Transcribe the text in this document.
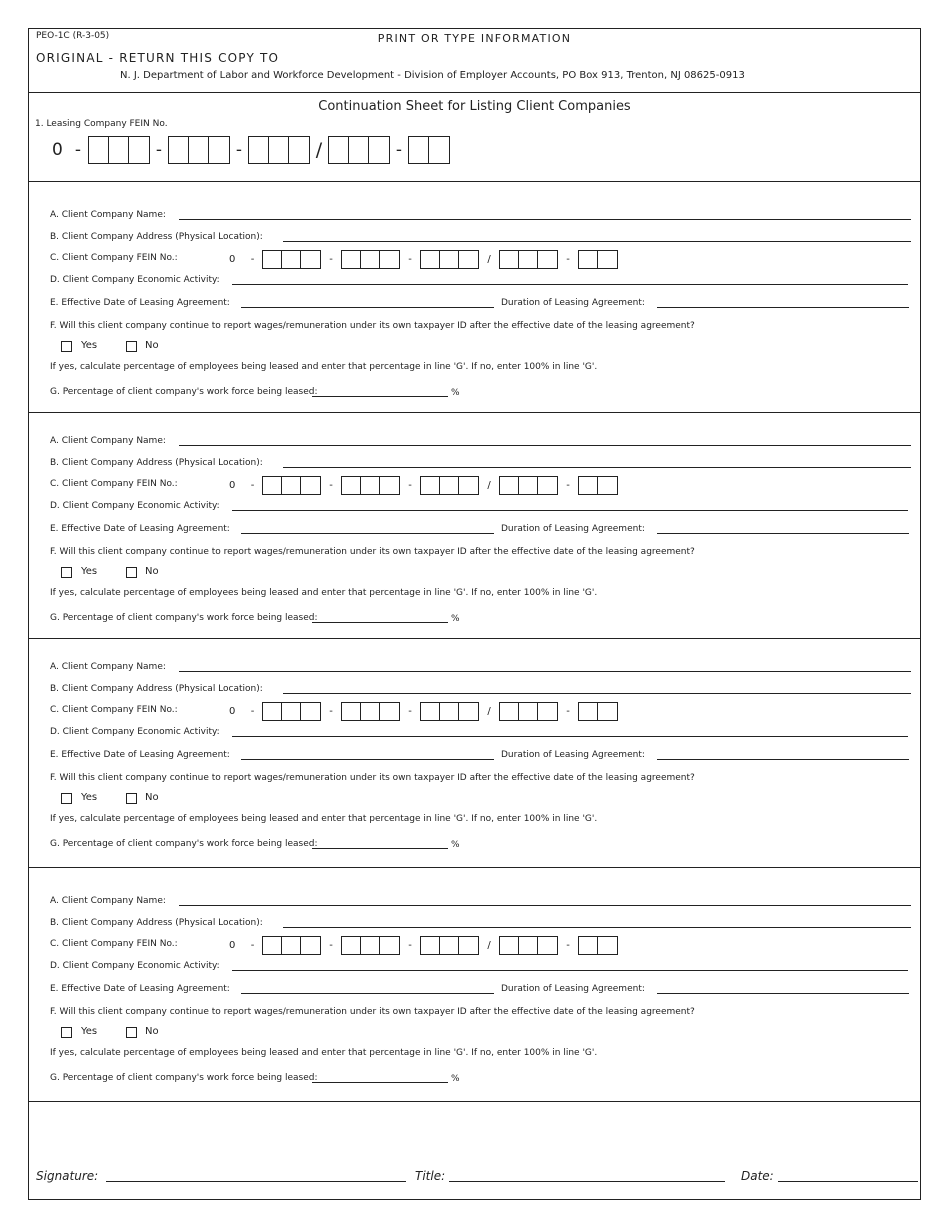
PEO-1C (R-3-05)	PRINT OR TYPE INFORMATION
ORIGINAL - RETURN THIS COPY TO
N. J. Department of Labor and Workforce Development - Division of Employer Accounts, PO Box 913, Trenton, NJ 08625-0913
Continuation Sheet for Listing Client Companies
1. Leasing Company FEIN No.
0 -	-	-	/	-
A. Client Company Name:
B. Client Company Address (Physical Location):
C. Client Company FEIN No.:	0	-	-	-	/	-
D. Client Company Economic Activity:
E. Effective Date of Leasing Agreement:	Duration of Leasing Agreement:
F. Will this client company continue to report wages/remuneration under its own taxpayer ID after the effective date of the leasing agreement?
Yes	No
If yes, calculate percentage of employees being leased and enter that percentage in line 'G'. If no, enter 100% in line 'G'.
G. Percentage of client company's work force being leased:	%
A. Client Company Name:
B. Client Company Address (Physical Location):
C. Client Company FEIN No.:	0	-	-	-	/	-
D. Client Company Economic Activity:
E. Effective Date of Leasing Agreement:	Duration of Leasing Agreement:
F. Will this client company continue to report wages/remuneration under its own taxpayer ID after the effective date of the leasing agreement?
Yes	No
If yes, calculate percentage of employees being leased and enter that percentage in line 'G'. If no, enter 100% in line 'G'.
G. Percentage of client company's work force being leased:	%
A. Client Company Name:
B. Client Company Address (Physical Location):
C. Client Company FEIN No.:	0	-	-	-	/	-
D. Client Company Economic Activity:
E. Effective Date of Leasing Agreement:	Duration of Leasing Agreement:
F. Will this client company continue to report wages/remuneration under its own taxpayer ID after the effective date of the leasing agreement?
Yes	No
If yes, calculate percentage of employees being leased and enter that percentage in line 'G'. If no, enter 100% in line 'G'.
G. Percentage of client company's work force being leased:	%
A. Client Company Name:
B. Client Company Address (Physical Location):
C. Client Company FEIN No.:	0	-	-	-	/	-
D. Client Company Economic Activity:
E. Effective Date of Leasing Agreement:	Duration of Leasing Agreement:
F. Will this client company continue to report wages/remuneration under its own taxpayer ID after the effective date of the leasing agreement?
Yes	No
If yes, calculate percentage of employees being leased and enter that percentage in line 'G'. If no, enter 100% in line 'G'.
G. Percentage of client company's work force being leased:	%
Signature:	Title:	Date:
